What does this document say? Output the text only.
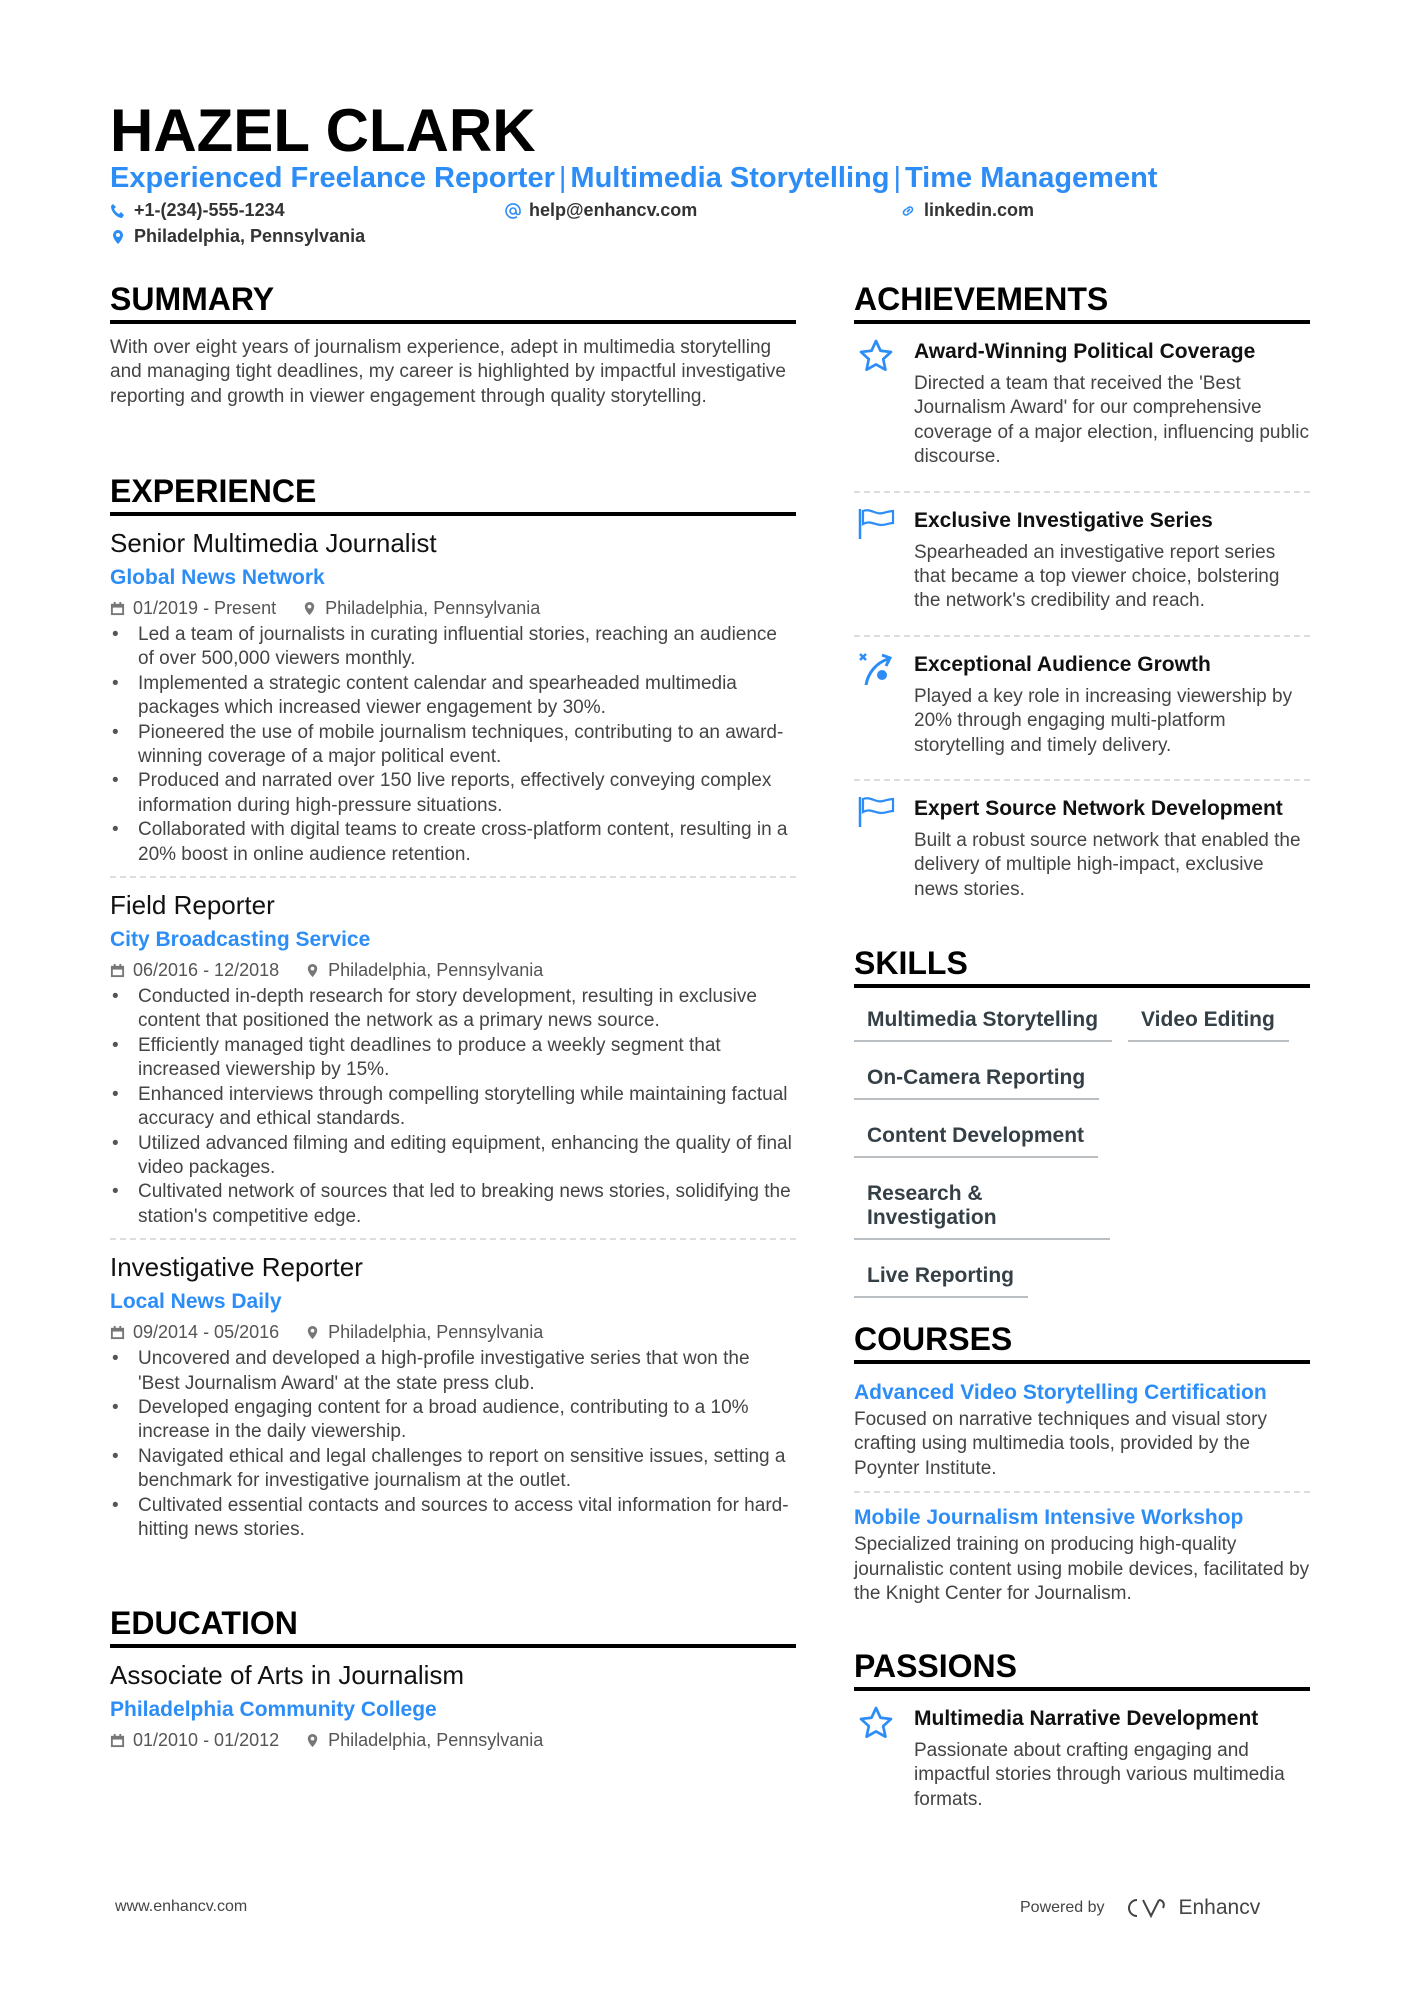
HAZEL CLARK
Experienced Freelance Reporter | Multimedia Storytelling | Time Management
+1-(234)-555-1234	help@enhancv.com	linkedin.com
Philadelphia, Pennsylvania
SUMMARY

With over eight years of journalism experience, adept in multimedia storytelling and managing tight deadlines, my career is highlighted by impactful investigative reporting and growth in viewer engagement through quality storytelling.

EXPERIENCE
Senior Multimedia Journalist
Global News Network
01/2019 - Present	Philadelphia, Pennsylvania
• Led a team of journalists in curating influential stories, reaching an audience of over 500,000 viewers monthly.
• Implemented a strategic content calendar and spearheaded multimedia packages which increased viewer engagement by 30%.
• Pioneered the use of mobile journalism techniques, contributing to an award-winning coverage of a major political event.
• Produced and narrated over 150 live reports, effectively conveying complex information during high-pressure situations.
• Collaborated with digital teams to create cross-platform content, resulting in a 20% boost in online audience retention.
Field Reporter
City Broadcasting Service
06/2016 - 12/2018	Philadelphia, Pennsylvania
• Conducted in-depth research for story development, resulting in exclusive content that positioned the network as a primary news source.
• Efficiently managed tight deadlines to produce a weekly segment that increased viewership by 15%.
• Enhanced interviews through compelling storytelling while maintaining factual accuracy and ethical standards.
• Utilized advanced filming and editing equipment, enhancing the quality of final video packages.
• Cultivated network of sources that led to breaking news stories, solidifying the station's competitive edge.
Investigative Reporter
Local News Daily
09/2014 - 05/2016	Philadelphia, Pennsylvania
• Uncovered and developed a high-profile investigative series that won the 'Best Journalism Award' at the state press club.
• Developed engaging content for a broad audience, contributing to a 10% increase in the daily viewership.
• Navigated ethical and legal challenges to report on sensitive issues, setting a benchmark for investigative journalism at the outlet.
• Cultivated essential contacts and sources to access vital information for hard-hitting news stories.
EDUCATION
Associate of Arts in Journalism
Philadelphia Community College
01/2010 - 01/2012	Philadelphia, Pennsylvania
ACHIEVEMENTS
Award-Winning Political Coverage
Directed a team that received the 'Best Journalism Award' for our comprehensive coverage of a major election, influencing public discourse.
Exclusive Investigative Series
Spearheaded an investigative report series that became a top viewer choice, bolstering the network's credibility and reach.
Exceptional Audience Growth
Played a key role in increasing viewership by 20% through engaging multi-platform storytelling and timely delivery.
Expert Source Network Development
Built a robust source network that enabled the delivery of multiple high-impact, exclusive news stories.
SKILLS
Multimedia Storytelling	Video Editing
On-Camera Reporting
Content Development
Research & Investigation
Live Reporting
COURSES
Advanced Video Storytelling Certification
Focused on narrative techniques and visual story crafting using multimedia tools, provided by the Poynter Institute.
Mobile Journalism Intensive Workshop
Specialized training on producing high-quality journalistic content using mobile devices, facilitated by the Knight Center for Journalism.
PASSIONS
Multimedia Narrative Development
Passionate about crafting engaging and impactful stories through various multimedia formats.
www.enhancv.com	Powered by	Enhancv
